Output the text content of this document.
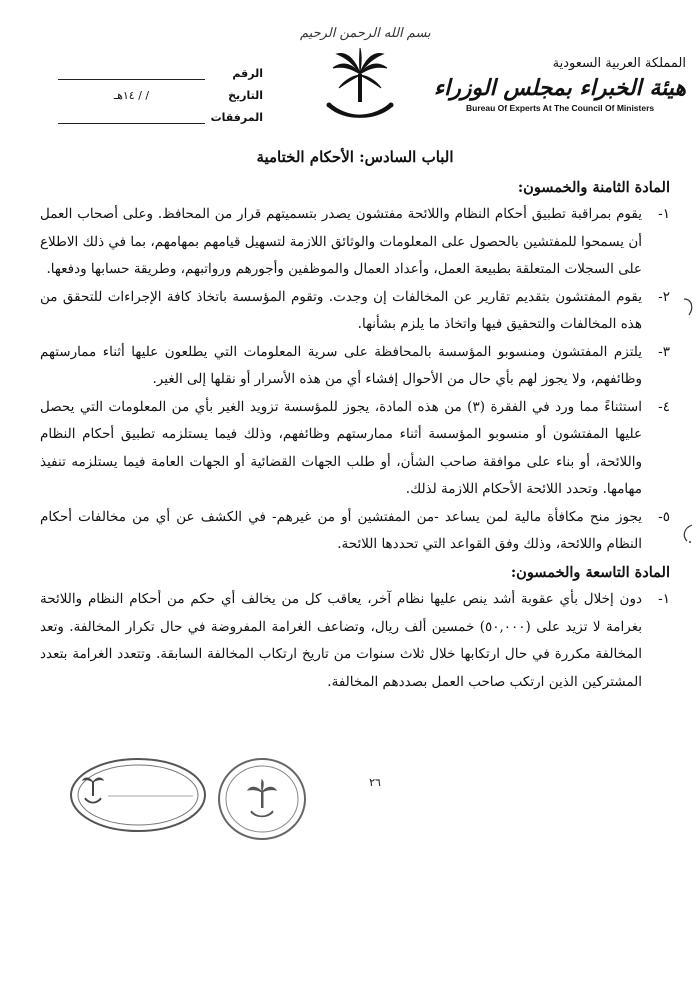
بسم الله الرحمن الرحيم
الرقم
التاريخ
/ / ١٤هـ
المرفقات
المملكة العربية السعودية
هيئة الخبراء بمجلس الوزراء
Bureau Of Experts At The Council Of Ministers
الباب السادس: الأحكام الختامية
المادة الثامنة والخمسون:
١-
يقوم بمراقبة تطبيق أحكام النظام واللائحة مفتشون يصدر بتسميتهم قرار من المحافظ. وعلى أصحاب العمل أن يسمحوا للمفتشين بالحصول على المعلومات والوثائق اللازمة لتسهيل قيامهم بمهامهم، بما في ذلك الاطلاع على السجلات المتعلقة بطبيعة العمل، وأعداد العمال والموظفين وأجورهم ورواتبهم، وطريقة حسابها ودفعها.
٢-
يقوم المفتشون بتقديم تقارير عن المخالفات إن وجدت. وتقوم المؤسسة باتخاذ كافة الإجراءات للتحقق من هذه المخالفات والتحقيق فيها واتخاذ ما يلزم بشأنها.
٣-
يلتزم المفتشون ومنسوبو المؤسسة بالمحافظة على سرية المعلومات التي يطلعون عليها أثناء ممارستهم وظائفهم، ولا يجوز لهم بأي حال من الأحوال إفشاء أي من هذه الأسرار أو نقلها إلى الغير.
٤-
استثناءً مما ورد في الفقرة (٣) من هذه المادة، يجوز للمؤسسة تزويد الغير بأي من المعلومات التي يحصل عليها المفتشون أو منسوبو المؤسسة أثناء ممارستهم وظائفهم، وذلك فيما يستلزمه تطبيق أحكام النظام واللائحة، أو بناء على موافقة صاحب الشأن، أو طلب الجهات القضائية أو الجهات العامة فيما يستلزمه تنفيذ مهامها. وتحدد اللائحة الأحكام اللازمة لذلك.
٥-
يجوز منح مكافأة مالية لمن يساعد -من المفتشين أو من غيرهم- في الكشف عن أي من مخالفات أحكام النظام واللائحة، وذلك وفق القواعد التي تحددها اللائحة.
المادة التاسعة والخمسون:
١-
دون إخلال بأي عقوبة أشد ينص عليها نظام آخر، يعاقب كل من يخالف أي حكم من أحكام النظام واللائحة بغرامة لا تزيد على (٥٠,٠٠٠) خمسين ألف ريال، وتضاعف الغرامة المفروضة في حال تكرار المخالفة. وتعد المخالفة مكررة في حال ارتكابها خلال ثلاث سنوات من تاريخ ارتكاب المخالفة السابقة. وتتعدد الغرامة بتعدد المشتركين الذين ارتكب صاحب العمل بصددهم المخالفة.
٢٦
